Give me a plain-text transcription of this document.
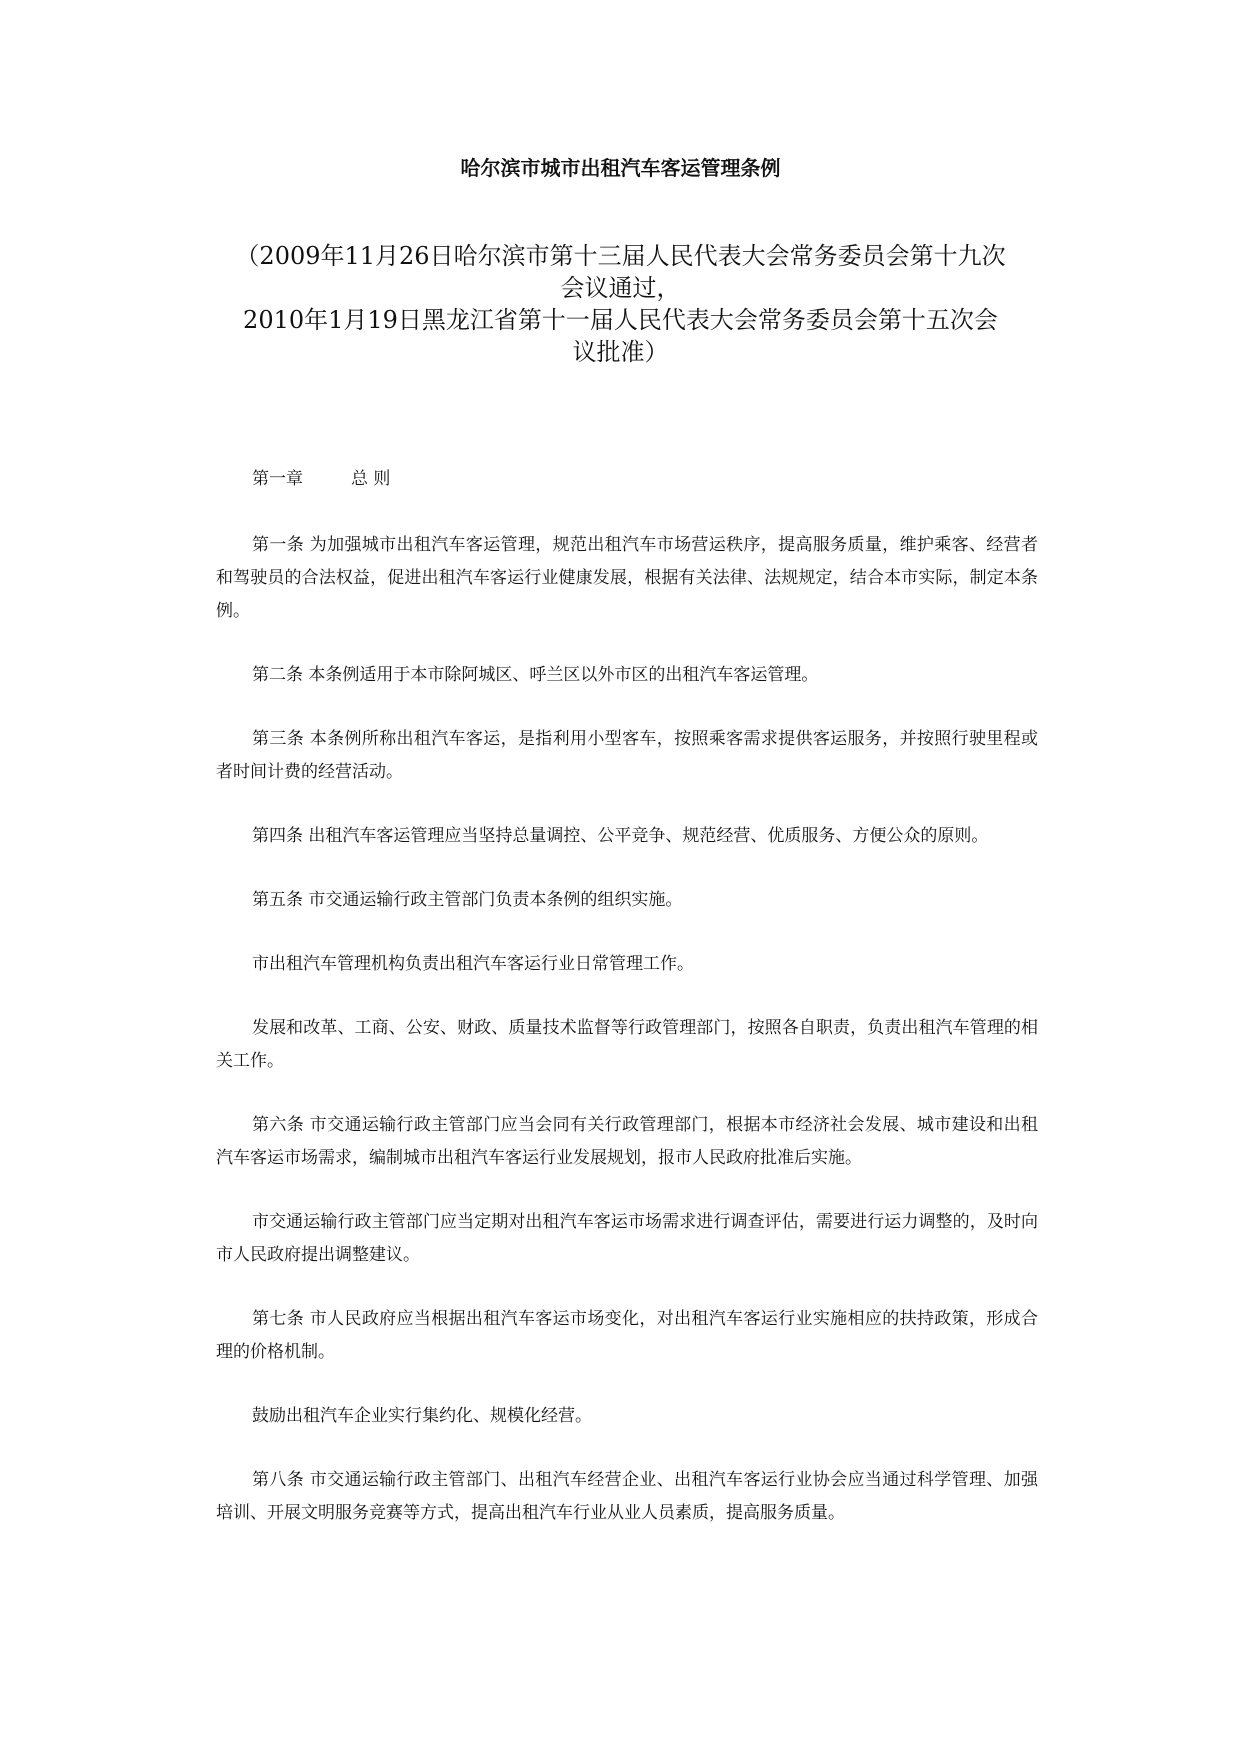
哈尔滨市城市出租汽车客运管理条例
（2009年11月26日哈尔滨市第十三届人民代表大会常务委员会第十九次
会议通过，
2010年1月19日黑龙江省第十一届人民代表大会常务委员会第十五次会
议批准）

第一章	总 则

第一条 为加强城市出租汽车客运管理，规范出租汽车市场营运秩序，提高服务质量，维护乘客、经营者和驾驶员的合法权益，促进出租汽车客运行业健康发展，根据有关法律、法规规定，结合本市实际，制定本条例。

第二条 本条例适用于本市除阿城区、呼兰区以外市区的出租汽车客运管理。

第三条 本条例所称出租汽车客运，是指利用小型客车，按照乘客需求提供客运服务，并按照行驶里程或者时间计费的经营活动。

第四条 出租汽车客运管理应当坚持总量调控、公平竞争、规范经营、优质服务、方便公众的原则。

第五条 市交通运输行政主管部门负责本条例的组织实施。

市出租汽车管理机构负责出租汽车客运行业日常管理工作。

发展和改革、工商、公安、财政、质量技术监督等行政管理部门，按照各自职责，负责出租汽车管理的相关工作。

第六条 市交通运输行政主管部门应当会同有关行政管理部门，根据本市经济社会发展、城市建设和出租汽车客运市场需求，编制城市出租汽车客运行业发展规划，报市人民政府批准后实施。

市交通运输行政主管部门应当定期对出租汽车客运市场需求进行调查评估，需要进行运力调整的，及时向市人民政府提出调整建议。

第七条 市人民政府应当根据出租汽车客运市场变化，对出租汽车客运行业实施相应的扶持政策，形成合理的价格机制。

鼓励出租汽车企业实行集约化、规模化经营。

第八条 市交通运输行政主管部门、出租汽车经营企业、出租汽车客运行业协会应当通过科学管理、加强培训、开展文明服务竞赛等方式，提高出租汽车行业从业人员素质，提高服务质量。
